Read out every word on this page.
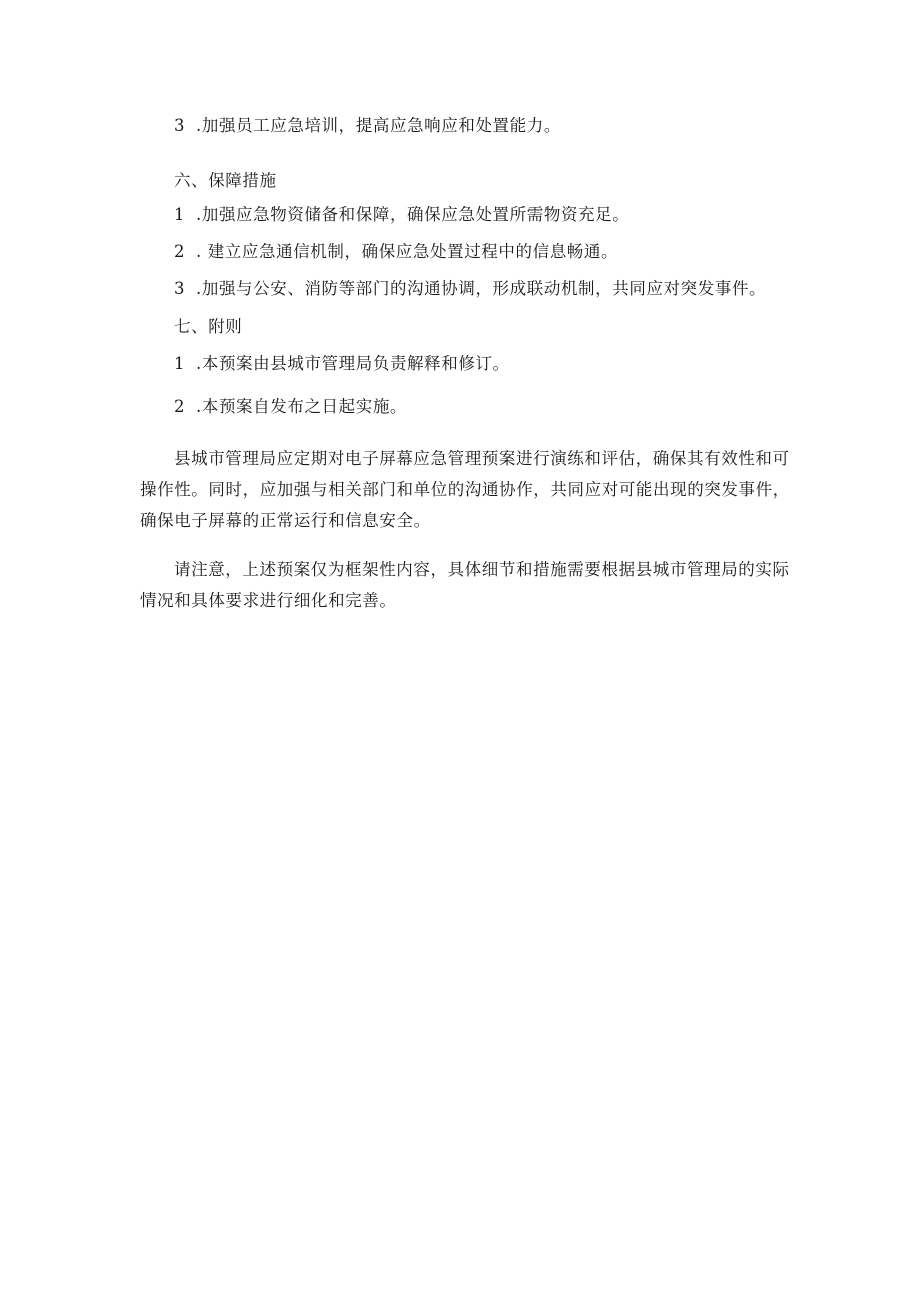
3 .加强员工应急培训，提高应急响应和处置能力。
六、保障措施
1 .加强应急物资储备和保障，确保应急处置所需物资充足。
2 . 建立应急通信机制，确保应急处置过程中的信息畅通。
3 .加强与公安、消防等部门的沟通协调，形成联动机制，共同应对突发事件。
七、附则
1 .本预案由县城市管理局负责解释和修订。
2 .本预案自发布之日起实施。
县城市管理局应定期对电子屏幕应急管理预案进行演练和评估，确保其有效性和可
操作性。同时，应加强与相关部门和单位的沟通协作，共同应对可能出现的突发事件，
确保电子屏幕的正常运行和信息安全。
请注意，上述预案仅为框架性内容，具体细节和措施需要根据县城市管理局的实际
情况和具体要求进行细化和完善。
